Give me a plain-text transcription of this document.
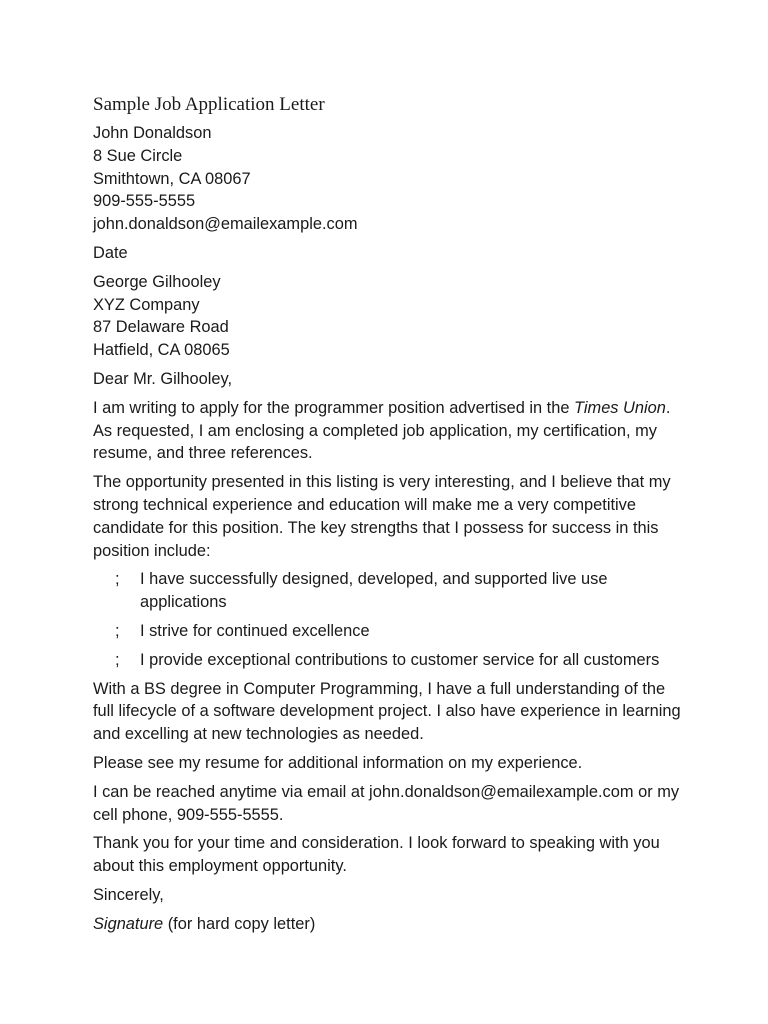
Sample Job Application Letter
John Donaldson
8 Sue Circle
Smithtown, CA 08067
909-555-5555
john.donaldson@emailexample.com
Date
George Gilhooley
XYZ Company
87 Delaware Road
Hatfield, CA 08065
Dear Mr. Gilhooley,

I am writing to apply for the programmer position advertised in the Times Union. As requested, I am enclosing a completed job application, my certification, my resume, and three references.

The opportunity presented in this listing is very interesting, and I believe that my strong technical experience and education will make me a very competitive candidate for this position. The key strengths that I possess for success in this position include:

; I have successfully designed, developed, and supported live use applications
; I strive for continued excellence
; I provide exceptional contributions to customer service for all customers

With a BS degree in Computer Programming, I have a full understanding of the full lifecycle of a software development project. I also have experience in learning and excelling at new technologies as needed.

Please see my resume for additional information on my experience.

I can be reached anytime via email at john.donaldson@emailexample.com or my cell phone, 909-555-5555.

Thank you for your time and consideration. I look forward to speaking with you about this employment opportunity.

Sincerely,

Signature (for hard copy letter)
